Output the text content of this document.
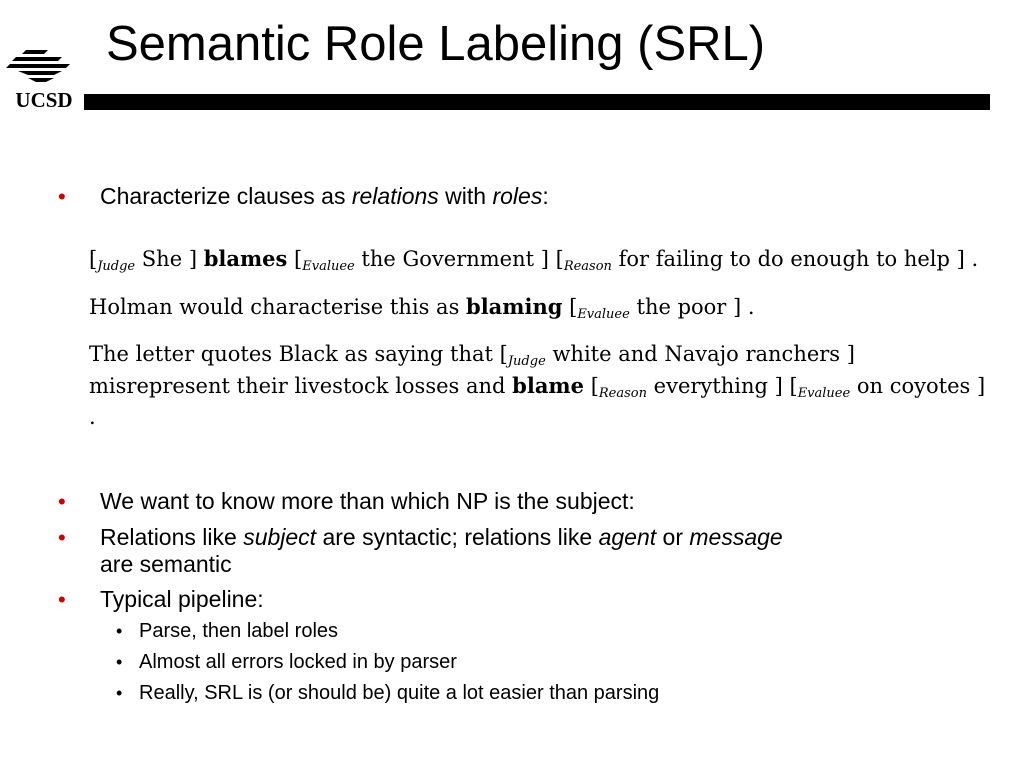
UCSD
Semantic Role Labeling (SRL)
• Characterize clauses as relations with roles:

[$_{Judge}$ She ] blames [$_{Evaluee}$ the Government ] [$_{Reason}$ for failing to do enough to help ] .

Holman would characterise this as blaming [$_{Evaluee}$ the poor ] .

The letter quotes Black as saying that [$_{Judge}$ white and Navajo ranchers ] misrepresent their livestock losses and blame [$_{Reason}$ everything ] [$_{Evaluee}$ on coyotes ] .

• We want to know more than which NP is the subject:
• Relations like subject are syntactic; relations like agent or message
are semantic
• Typical pipeline:
• Parse, then label roles
• Almost all errors locked in by parser
• Really, SRL is (or should be) quite a lot easier than parsing
